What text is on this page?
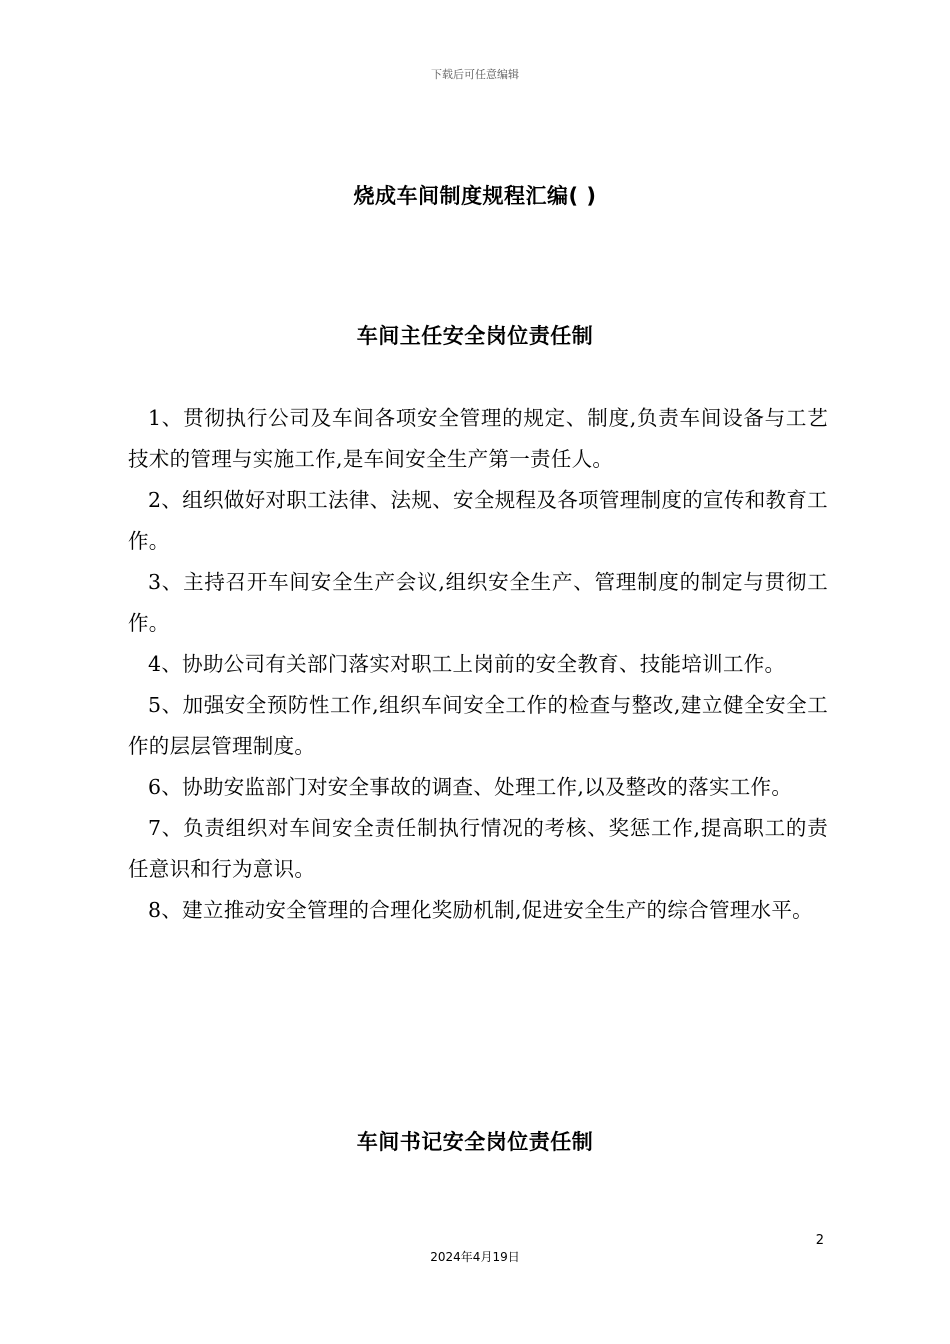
下载后可任意编辑
烧成车间制度规程汇编( )
车间主任安全岗位责任制

1、贯彻执行公司及车间各项安全管理的规定、制度,负责车间设备与工艺技术的管理与实施工作,是车间安全生产第一责任人。

2、组织做好对职工法律、法规、安全规程及各项管理制度的宣传和教育工作。

3、主持召开车间安全生产会议,组织安全生产、管理制度的制定与贯彻工作。

4、协助公司有关部门落实对职工上岗前的安全教育、技能培训工作。

5、加强安全预防性工作,组织车间安全工作的检查与整改,建立健全安全工作的层层管理制度。

6、协助安监部门对安全事故的调查、处理工作,以及整改的落实工作。

7、负责组织对车间安全责任制执行情况的考核、奖惩工作,提高职工的责任意识和行为意识。

8、建立推动安全管理的合理化奖励机制,促进安全生产的综合管理水平。

车间书记安全岗位责任制
2
2024年4月19日
